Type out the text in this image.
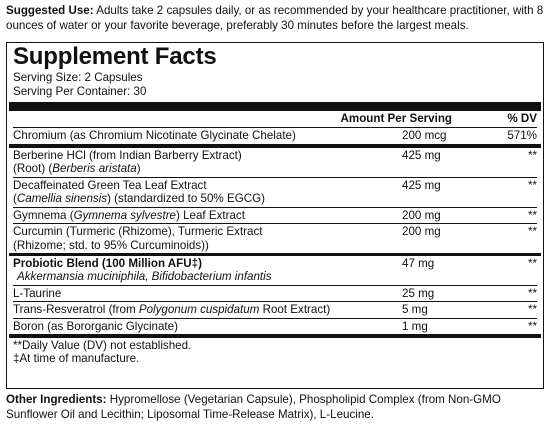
Suggested Use: Adults take 2 capsules daily, or as recommended by your healthcare practitioner, with 8 ounces of water or your favorite beverage, preferably 30 minutes before the largest meals.
Supplement Facts
Serving Size: 2 Capsules
Serving Per Container: 30
Amount Per Serving	% DV
Chromium (as Chromium Nicotinate Glycinate Chelate)	200 mcg	571%
Berberine HCl (from Indian Barberry Extract)
(Root) (Berberis aristata)
425 mg	**
Decaffeinated Green Tea Leaf Extract
(Camellia sinensis) (standardized to 50% EGCG)
425 mg	**
Gymnema (Gymnema sylvestre) Leaf Extract	200 mg	**
Curcumin (Turmeric (Rhizome), Turmeric Extract
(Rhizome; std. to 95% Curcuminoids))
200 mg	**
Probiotic Blend (100 Million AFU‡)
Akkermansia muciniphila, Bifidobacterium infantis
47 mg	**
L-Taurine	25 mg	**
Trans-Resveratrol (from Polygonum cuspidatum Root Extract)	5 mg	**
Boron (as Bororganic Glycinate)	1 mg	**
**Daily Value (DV) not established.
‡At time of manufacture.
Other Ingredients: Hypromellose (Vegetarian Capsule), Phospholipid Complex (from Non-GMO Sunflower Oil and Lecithin; Liposomal Time-Release Matrix), L-Leucine.
